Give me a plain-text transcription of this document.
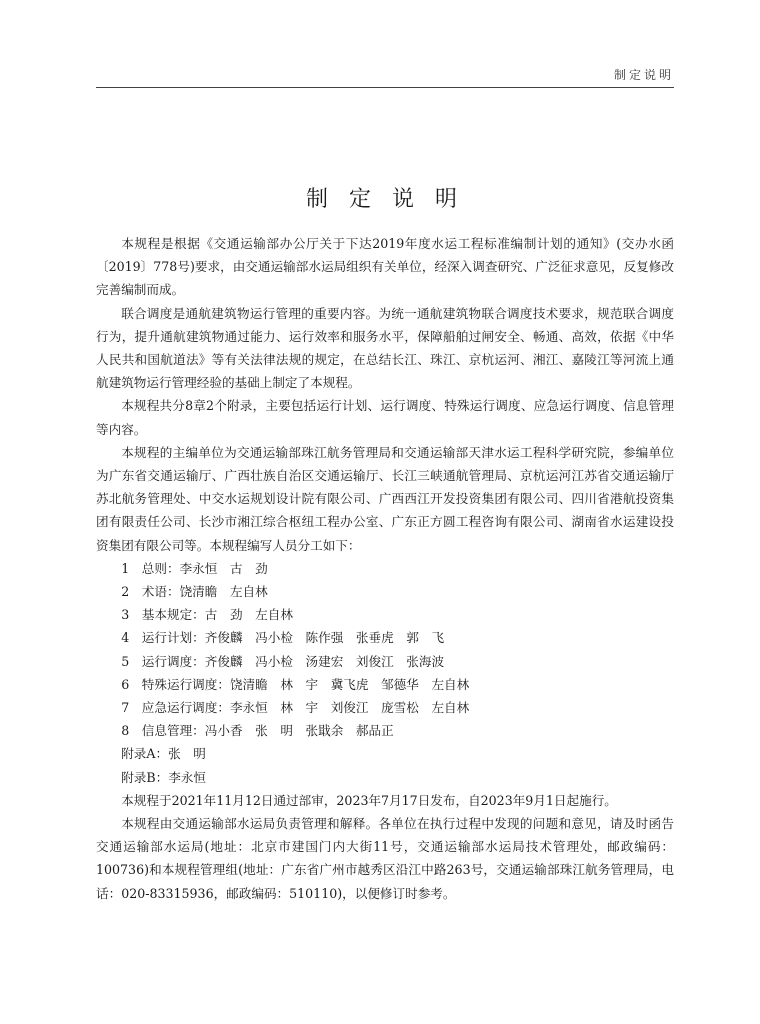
制定说明
制 定 说 明

本规程是根据《交通运输部办公厅关于下达2019年度水运工程标准编制计划的通知》(交办水函〔2019〕778号)要求，由交通运输部水运局组织有关单位，经深入调查研究、广泛征求意见，反复修改完善编制而成。

联合调度是通航建筑物运行管理的重要内容。为统一通航建筑物联合调度技术要求，规范联合调度行为，提升通航建筑物通过能力、运行效率和服务水平，保障船舶过闸安全、畅通、高效，依据《中华人民共和国航道法》等有关法律法规的规定，在总结长江、珠江、京杭运河、湘江、嘉陵江等河流上通航建筑物运行管理经验的基础上制定了本规程。

本规程共分8章2个附录，主要包括运行计划、运行调度、特殊运行调度、应急运行调度、信息管理等内容。

本规程的主编单位为交通运输部珠江航务管理局和交通运输部天津水运工程科学研究院，参编单位为广东省交通运输厅、广西壮族自治区交通运输厅、长江三峡通航管理局、京杭运河江苏省交通运输厅苏北航务管理处、中交水运规划设计院有限公司、广西西江开发投资集团有限公司、四川省港航投资集团有限责任公司、长沙市湘江综合枢纽工程办公室、广东正方圆工程咨询有限公司、湖南省水运建设投资集团有限公司等。本规程编写人员分工如下：

1　总则：李永恒　古　劲

2　术语：饶清瞻　左自林

3　基本规定：古　劲　左自林

4　运行计划：齐俊麟　冯小检　陈作强　张垂虎　郭　飞

5　运行调度：齐俊麟　冯小检　汤建宏　刘俊江　张海波

6　特殊运行调度：饶清瞻　林　宇　冀飞虎　邹德华　左自林

7　应急运行调度：李永恒　林　宇　刘俊江　庞雪松　左自林

8　信息管理：冯小香　张　明　张戢余　郝品正

附录A：张　明

附录B：李永恒

本规程于2021年11月12日通过部审，2023年7月17日发布，自2023年9月1日起施行。

本规程由交通运输部水运局负责管理和解释。各单位在执行过程中发现的问题和意见，请及时函告交通运输部水运局(地址：北京市建国门内大街11号，交通运输部水运局技术管理处，邮政编码：100736)和本规程管理组(地址：广东省广州市越秀区沿江中路263号，交通运输部珠江航务管理局，电话：020-83315936，邮政编码：510110)，以便修订时参考。
